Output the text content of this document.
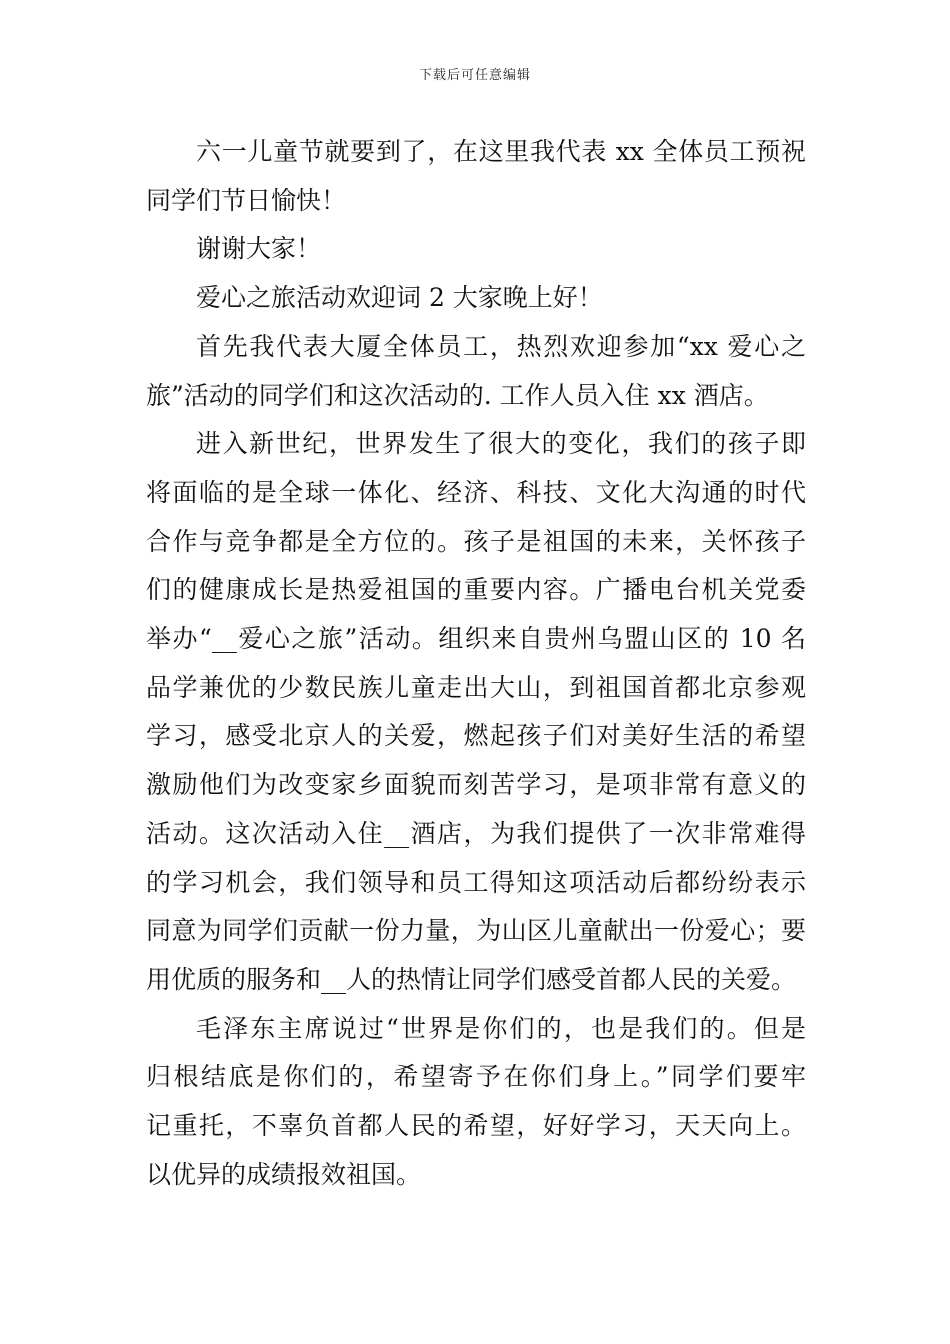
下载后可任意编辑
六一儿童节就要到了，在这里我代表 xx 全体员工预祝
同学们节日愉快！
谢谢大家！
爱心之旅活动欢迎词 2 大家晚上好！
首先我代表大厦全体员工，热烈欢迎参加“xx 爱心之
旅”活动的同学们和这次活动的. 工作人员入住 xx 酒店。
进入新世纪，世界发生了很大的变化，我们的孩子即
将面临的是全球一体化、经济、科技、文化大沟通的时代
合作与竞争都是全方位的。孩子是祖国的未来，关怀孩子
们的健康成长是热爱祖国的重要内容。广播电台机关党委
举办“__爱心之旅”活动。组织来自贵州乌盟山区的 10 名
品学兼优的少数民族儿童走出大山，到祖国首都北京参观
学习，感受北京人的关爱，燃起孩子们对美好生活的希望
激励他们为改变家乡面貌而刻苦学习，是项非常有意义的
活动。这次活动入住__酒店，为我们提供了一次非常难得
的学习机会，我们领导和员工得知这项活动后都纷纷表示
同意为同学们贡献一份力量，为山区儿童献出一份爱心；要
用优质的服务和__人的热情让同学们感受首都人民的关爱。
毛泽东主席说过“世界是你们的，也是我们的。但是
归根结底是你们的，希望寄予在你们身上。”同学们要牢
记重托，不辜负首都人民的希望，好好学习，天天向上。
以优异的成绩报效祖国。
